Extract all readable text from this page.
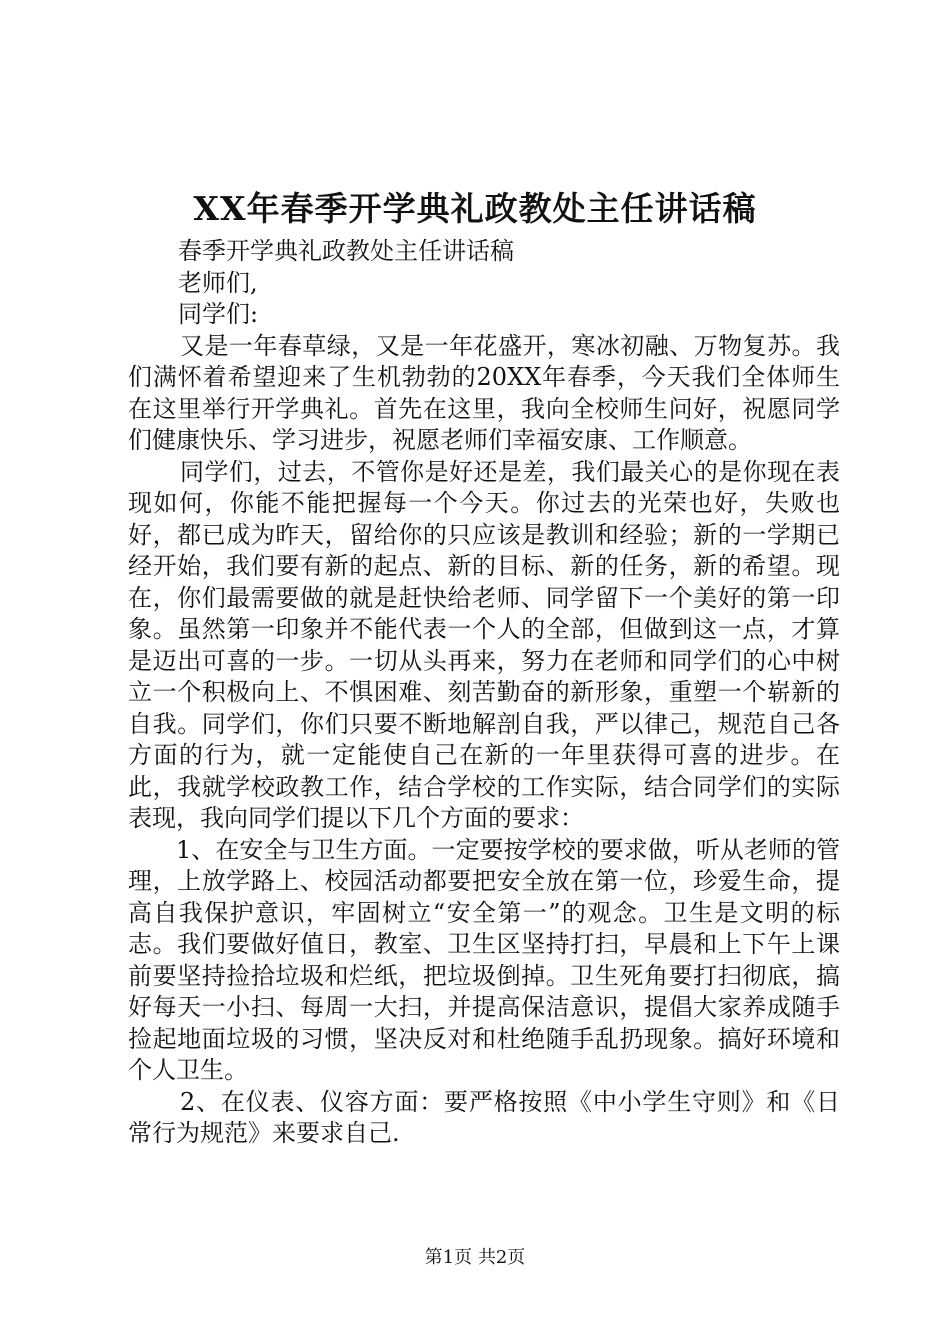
XX年春季开学典礼政教处主任讲话稿

春季开学典礼政教处主任讲话稿

老师们,

同学们:

又是一年春草绿，又是一年花盛开，寒冰初融、万物复苏。我们满怀着希望迎来了生机勃勃的20XX年春季，今天我们全体师生在这里举行开学典礼。首先在这里，我向全校师生问好，祝愿同学们健康快乐、学习进步，祝愿老师们幸福安康、工作顺意。

同学们，过去，不管你是好还是差，我们最关心的是你现在表现如何，你能不能把握每一个今天。你过去的光荣也好，失败也好，都已成为昨天，留给你的只应该是教训和经验；新的一学期已经开始，我们要有新的起点、新的目标、新的任务，新的希望。现在，你们最需要做的就是赶快给老师、同学留下一个美好的第一印象。虽然第一印象并不能代表一个人的全部，但做到这一点，才算是迈出可喜的一步。一切从头再来，努力在老师和同学们的心中树立一个积极向上、不惧困难、刻苦勤奋的新形象，重塑一个崭新的自我。同学们，你们只要不断地解剖自我，严以律己，规范自己各方面的行为，就一定能使自己在新的一年里获得可喜的进步。在此，我就学校政教工作，结合学校的工作实际，结合同学们的实际表现，我向同学们提以下几个方面的要求：

1、在安全与卫生方面。一定要按学校的要求做，听从老师的管理，上放学路上、校园活动都要把安全放在第一位，珍爱生命，提高自我保护意识，牢固树立“安全第一”的观念。卫生是文明的标志。我们要做好值日，教室、卫生区坚持打扫，早晨和上下午上课前要坚持捡拾垃圾和烂纸，把垃圾倒掉。卫生死角要打扫彻底，搞好每天一小扫、每周一大扫，并提高保洁意识，提倡大家养成随手捡起地面垃圾的习惯，坚决反对和杜绝随手乱扔现象。搞好环境和个人卫生。

2、在仪表、仪容方面：要严格按照《中小学生守则》和《日常行为规范》来要求自己.

第1页 共2页
